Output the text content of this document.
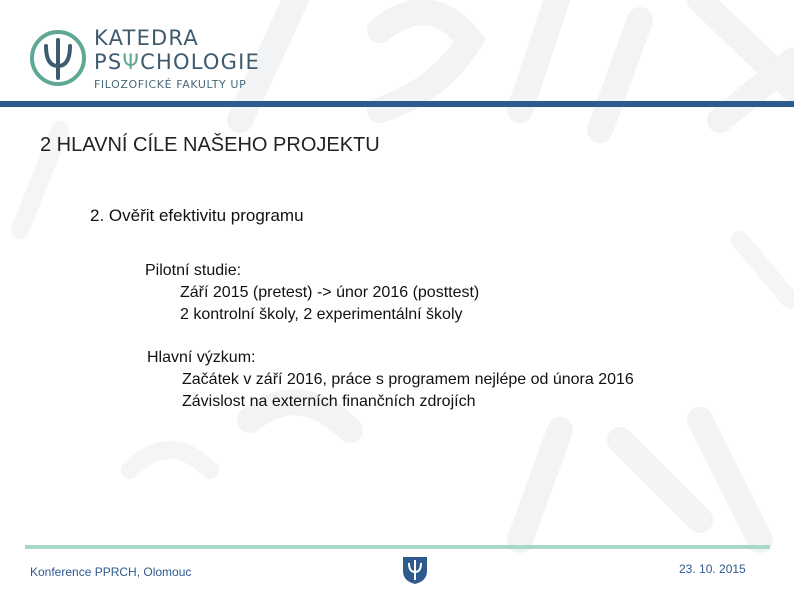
KATEDRA
PSΨCHOLOGIE
FILOZOFICKÉ FAKULTY UP
2 HLAVNÍ CÍLE NAŠEHO PROJEKTU
2. Ověřit efektivitu programu
Pilotní studie:
Září 2015 (pretest) -> únor 2016 (posttest)
2 kontrolní školy, 2 experimentální školy
Hlavní výzkum:
Začátek v září 2016, práce s programem nejlépe od února 2016
Závislost na externích finančních zdrojích
Konference PPRCH, Olomouc	23. 10. 2015
